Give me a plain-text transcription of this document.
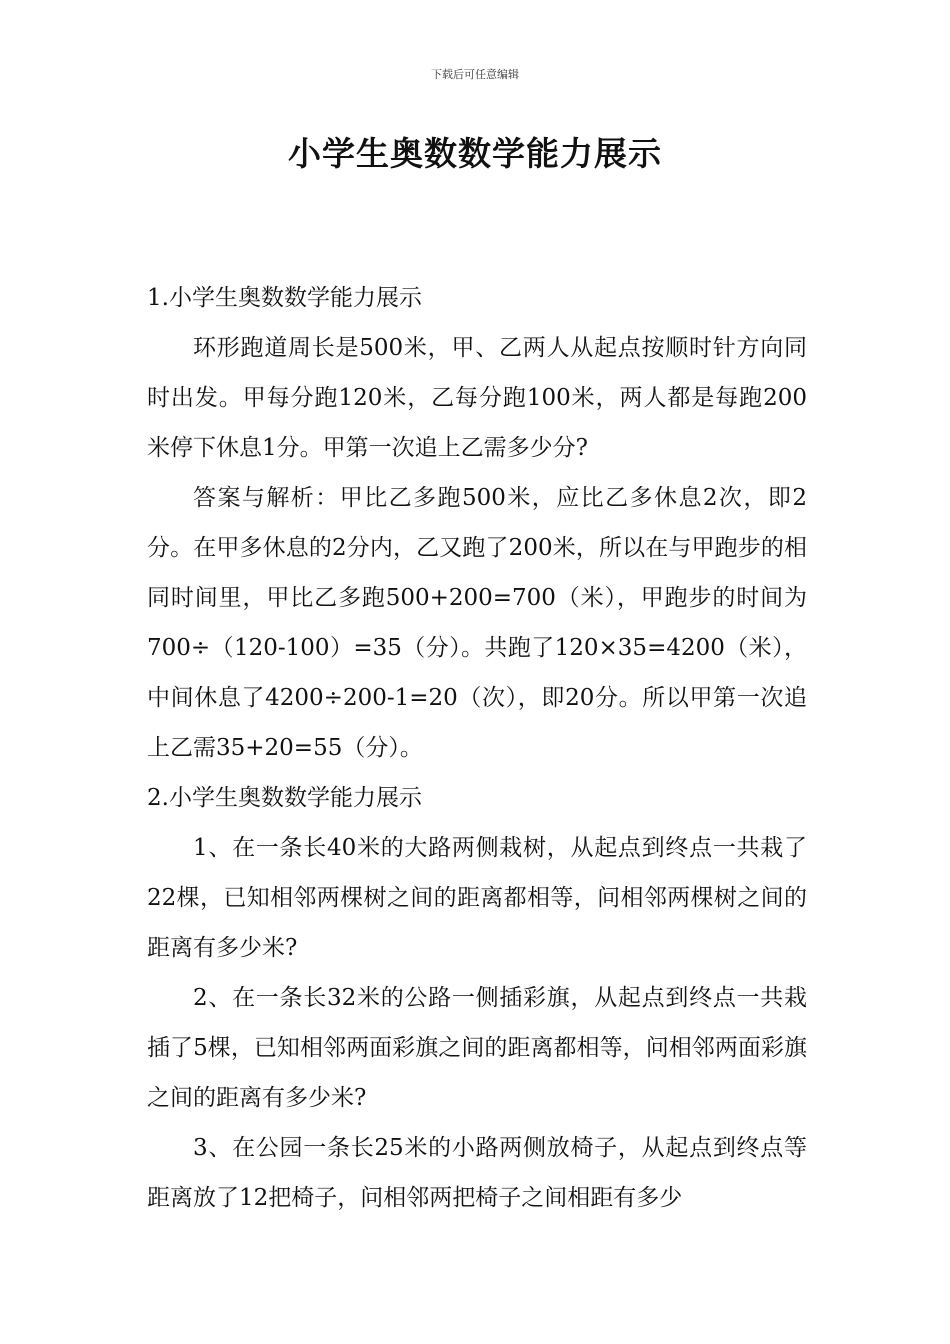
下载后可任意编辑
小学生奥数数学能力展示

1.小学生奥数数学能力展示

环形跑道周长是500米，甲、乙两人从起点按顺时针方向同时出发。甲每分跑120米，乙每分跑100米，两人都是每跑200米停下休息1分。甲第一次追上乙需多少分?

答案与解析：甲比乙多跑500米，应比乙多休息2次，即2分。在甲多休息的2分内，乙又跑了200米，所以在与甲跑步的相同时间里，甲比乙多跑500+200=700（米），甲跑步的时间为700÷（120-100）=35（分）。共跑了120×35=4200（米），中间休息了4200÷200-1=20（次），即20分。所以甲第一次追上乙需35+20=55（分）。

2.小学生奥数数学能力展示

1、在一条长40米的大路两侧栽树，从起点到终点一共栽了22棵，已知相邻两棵树之间的距离都相等，问相邻两棵树之间的距离有多少米?

2、在一条长32米的公路一侧插彩旗，从起点到终点一共栽插了5棵，已知相邻两面彩旗之间的距离都相等，问相邻两面彩旗之间的距离有多少米?

3、在公园一条长25米的小路两侧放椅子，从起点到终点等距离放了12把椅子，问相邻两把椅子之间相距有多少
